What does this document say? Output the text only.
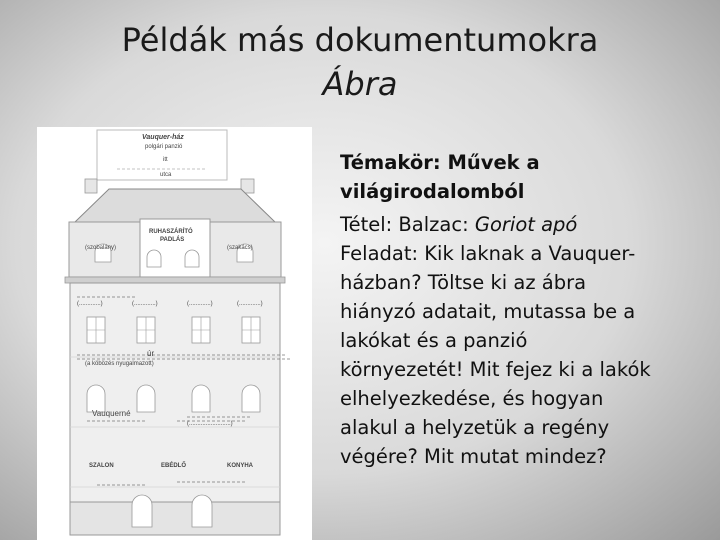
Példák más dokumentumokra
Ábra
Vauquer-ház
polgári panzió
itt
utca
RUHASZÁRÍTÓ
PADLÁS
(szobalány)	(szakács)
(.............)	(.............)	(.............)	(.............)
úr
(a köbözés nyugalmazott)
Vauquerné
(.........................)
SZALON	EBÉDLŐ	KONYHA
Témakör: Művek a
világirodalomból
Tétel: Balzac: Goriot apó
Feladat: Kik laknak a Vauquer-
házban? Töltse ki az ábra
hiányzó adatait, mutassa be a
lakókat és a panzió
környezetét! Mit fejez ki a lakók
elhelyezkedése, és hogyan
alakul a helyzetük a regény
végére? Mit mutat mindez?
